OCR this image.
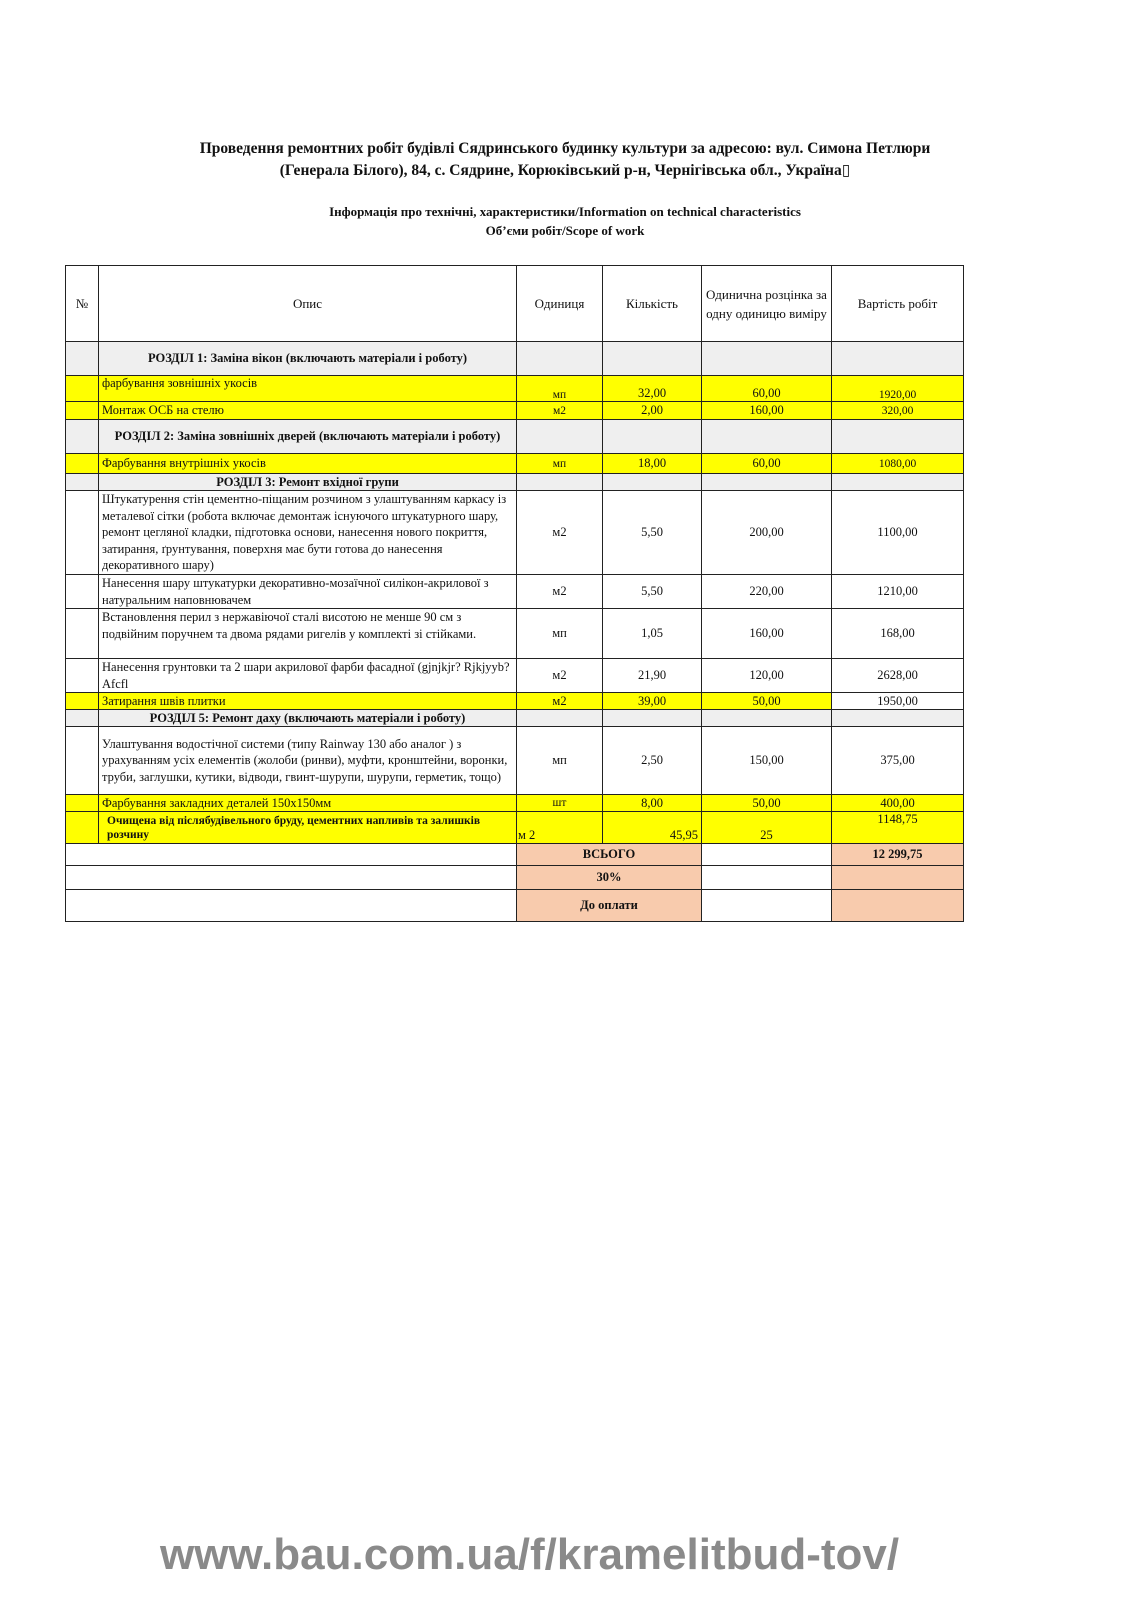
Проведення ремонтних робіт будівлі Сядринського будинку культури за адресою: вул. Симона Петлюри
(Генерала Білого), 84, с. Сядрине, Корюківський р-н, Чернігівська обл., Україна▯
Інформація про технічні, характеристики/Information on technical characteristics
Об’єми робіт/Scope of work
№	Опис	Одиниця	Кількість	Одинична розцінка за одну одиницю виміру	Вартість робіт
	РОЗДІЛ 1: Заміна вікон (включають матеріали і роботу)				
	фарбування зовнішніх укосів	мп	32,00	60,00	1920,00
	Монтаж ОСБ на стелю	м2	2,00	160,00	320,00
	РОЗДІЛ 2: Заміна зовнішніх дверей (включають матеріали і роботу)				
	Фарбування внутрішніх укосів	мп	18,00	60,00	1080,00
	РОЗДІЛ 3: Ремонт вхідної групи				
	Штукатурення стін цементно-піщаним розчином з улаштуванням каркасу із металевої сітки (робота включає демонтаж існуючого штукатурного шару, ремонт цегляної кладки, підготовка основи, нанесення нового покриття, затирання, ґрунтування, поверхня має бути готова до нанесення декоративного шару)	м2	5,50	200,00	1100,00
	Нанесення шару штукатурки декоративно-мозаїчної силікон-акрилової з натуральним наповнювачем	м2	5,50	220,00	1210,00
	Встановлення перил з нержавіючої сталі висотою не менше 90 см з подвійним поручнем та двома рядами ригелів у комплекті зі стійками.	мп	1,05	160,00	168,00
	Нанесення грунтовки та 2 шари акрилової фарби фасадної (gjnjkjr? Rjkjyyb? Afcfl	м2	21,90	120,00	2628,00
	Затирання швів плитки	м2	39,00	50,00	1950,00
	РОЗДІЛ 5: Ремонт даху (включають матеріали і роботу)				
	Улаштування водостічної системи (типу Rainway 130 або аналог ) з урахуванням усіх елементів (жолоби (ринви), муфти, кронштейни, воронки, труби, заглушки, кутики, відводи, гвинт-шурупи, шурупи, герметик, тощо)	мп	2,50	150,00	375,00
	Фарбування закладних деталей 150х150мм	шт	8,00	50,00	400,00
	Очищена від післябудівельного бруду, цементних напливів та залишків розчину	м 2	45,95	25	1148,75
		ВСЬОГО			12 299,75
		30%			
		До оплати			
www.bau.com.ua/f/kramelitbud-tov/
